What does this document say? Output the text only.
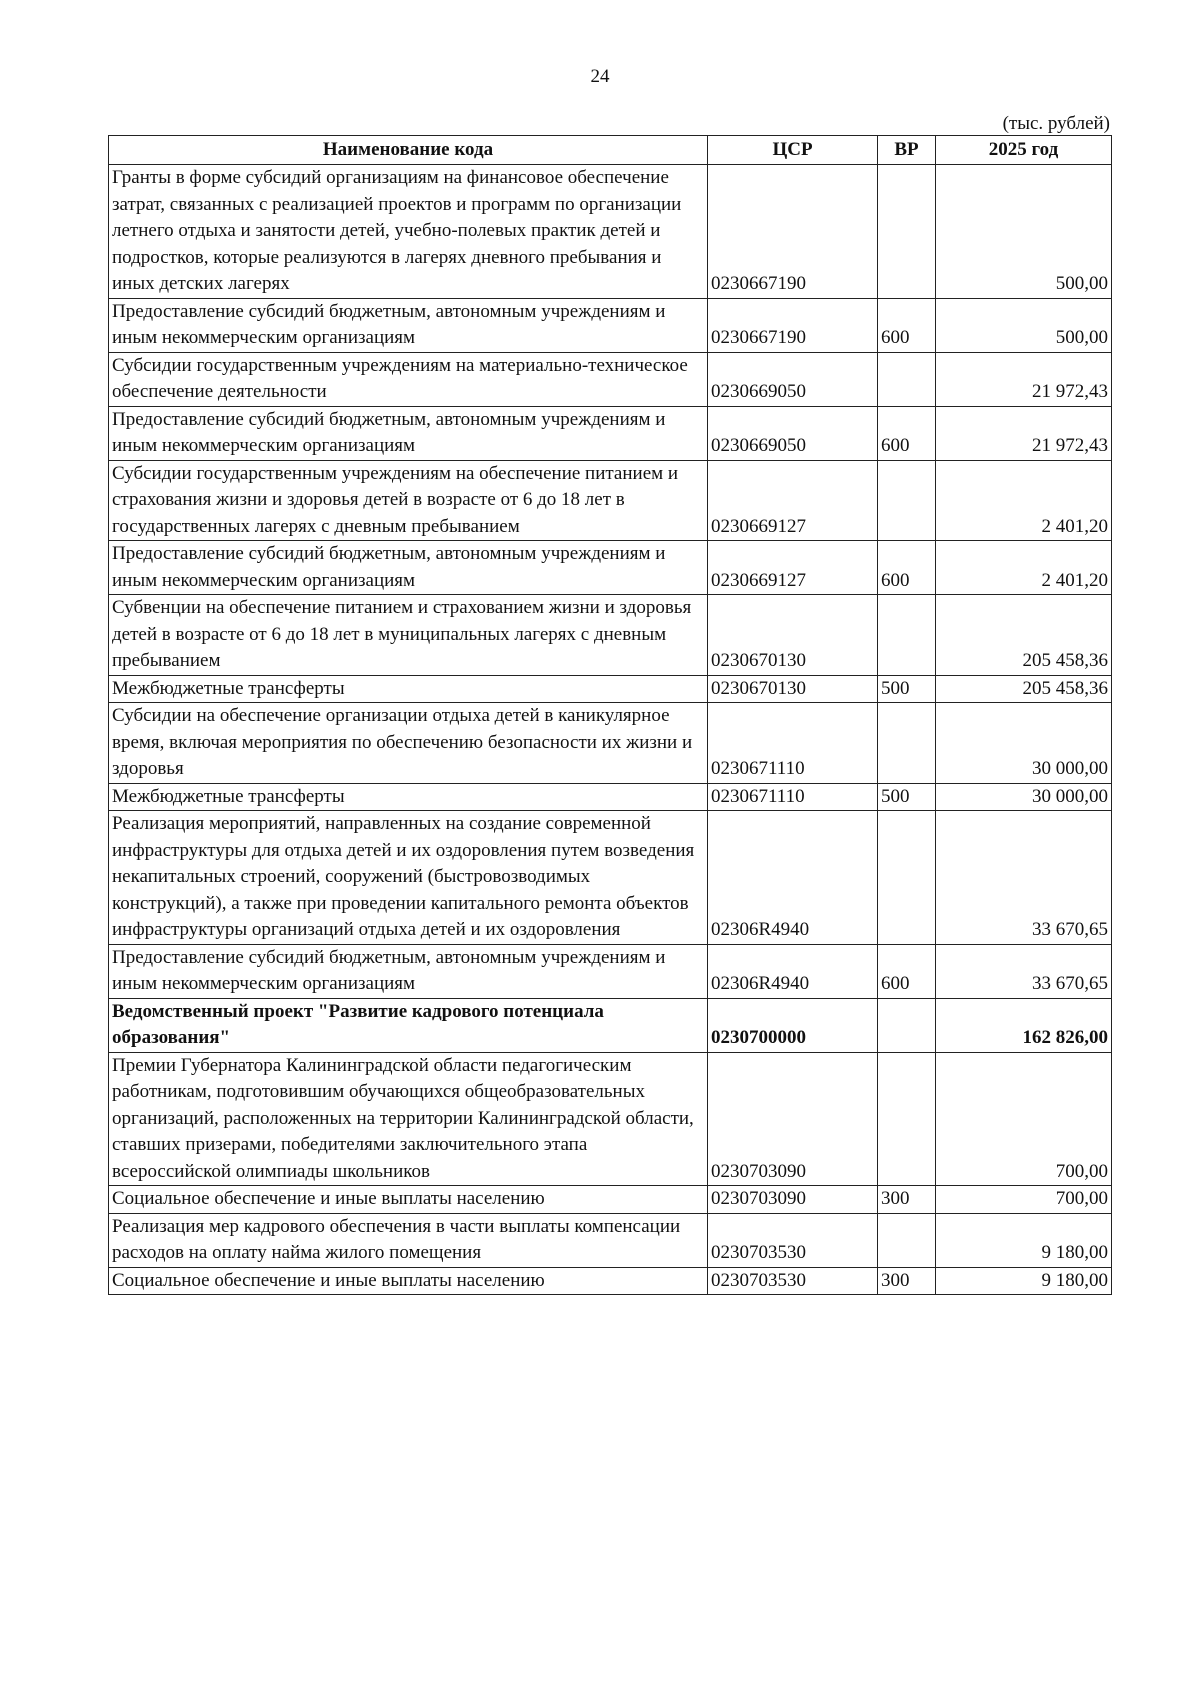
24
(тыс. рублей)
Наименование кода	ЦСР	ВР	2025 год
Гранты в форме субсидий организациям на финансовое обеспечение затрат, связанных с реализацией проектов и программ по организации летнего отдыха и занятости детей, учебно-полевых практик детей и подростков, которые реализуются в лагерях дневного пребывания и иных детских лагерях	0230667190		500,00
Предоставление субсидий бюджетным, автономным учреждениям и иным некоммерческим организациям	0230667190	600	500,00
Субсидии государственным учреждениям на материально-техническое обеспечение деятельности	0230669050		21 972,43
Предоставление субсидий бюджетным, автономным учреждениям и иным некоммерческим организациям	0230669050	600	21 972,43
Субсидии государственным учреждениям на обеспечение питанием и страхования жизни и здоровья детей в возрасте от 6 до 18 лет в государственных лагерях с дневным пребыванием	0230669127		2 401,20
Предоставление субсидий бюджетным, автономным учреждениям и иным некоммерческим организациям	0230669127	600	2 401,20
Субвенции на обеспечение питанием и страхованием жизни и здоровья детей в возрасте от 6 до 18 лет в муниципальных лагерях с дневным пребыванием	0230670130		205 458,36
Межбюджетные трансферты	0230670130	500	205 458,36
Субсидии на обеспечение организации отдыха детей в каникулярное время, включая мероприятия по обеспечению безопасности их жизни и здоровья	0230671110		30 000,00
Межбюджетные трансферты	0230671110	500	30 000,00
Реализация мероприятий, направленных на создание современной инфраструктуры для отдыха детей и их оздоровления путем возведения некапитальных строений, сооружений (быстровозводимых конструкций), а также при проведении капитального ремонта объектов инфраструктуры организаций отдыха детей и их оздоровления	02306R4940		33 670,65
Предоставление субсидий бюджетным, автономным учреждениям и иным некоммерческим организациям	02306R4940	600	33 670,65
Ведомственный проект "Развитие кадрового потенциала образования"	0230700000		162 826,00
Премии Губернатора Калининградской области педагогическим работникам, подготовившим обучающихся общеобразовательных организаций, расположенных на территории Калининградской области, ставших призерами, победителями заключительного этапа всероссийской олимпиады школьников	0230703090		700,00
Социальное обеспечение и иные выплаты населению	0230703090	300	700,00
Реализация мер кадрового обеспечения в части выплаты компенсации расходов на оплату найма жилого помещения	0230703530		9 180,00
Социальное обеспечение и иные выплаты населению	0230703530	300	9 180,00
